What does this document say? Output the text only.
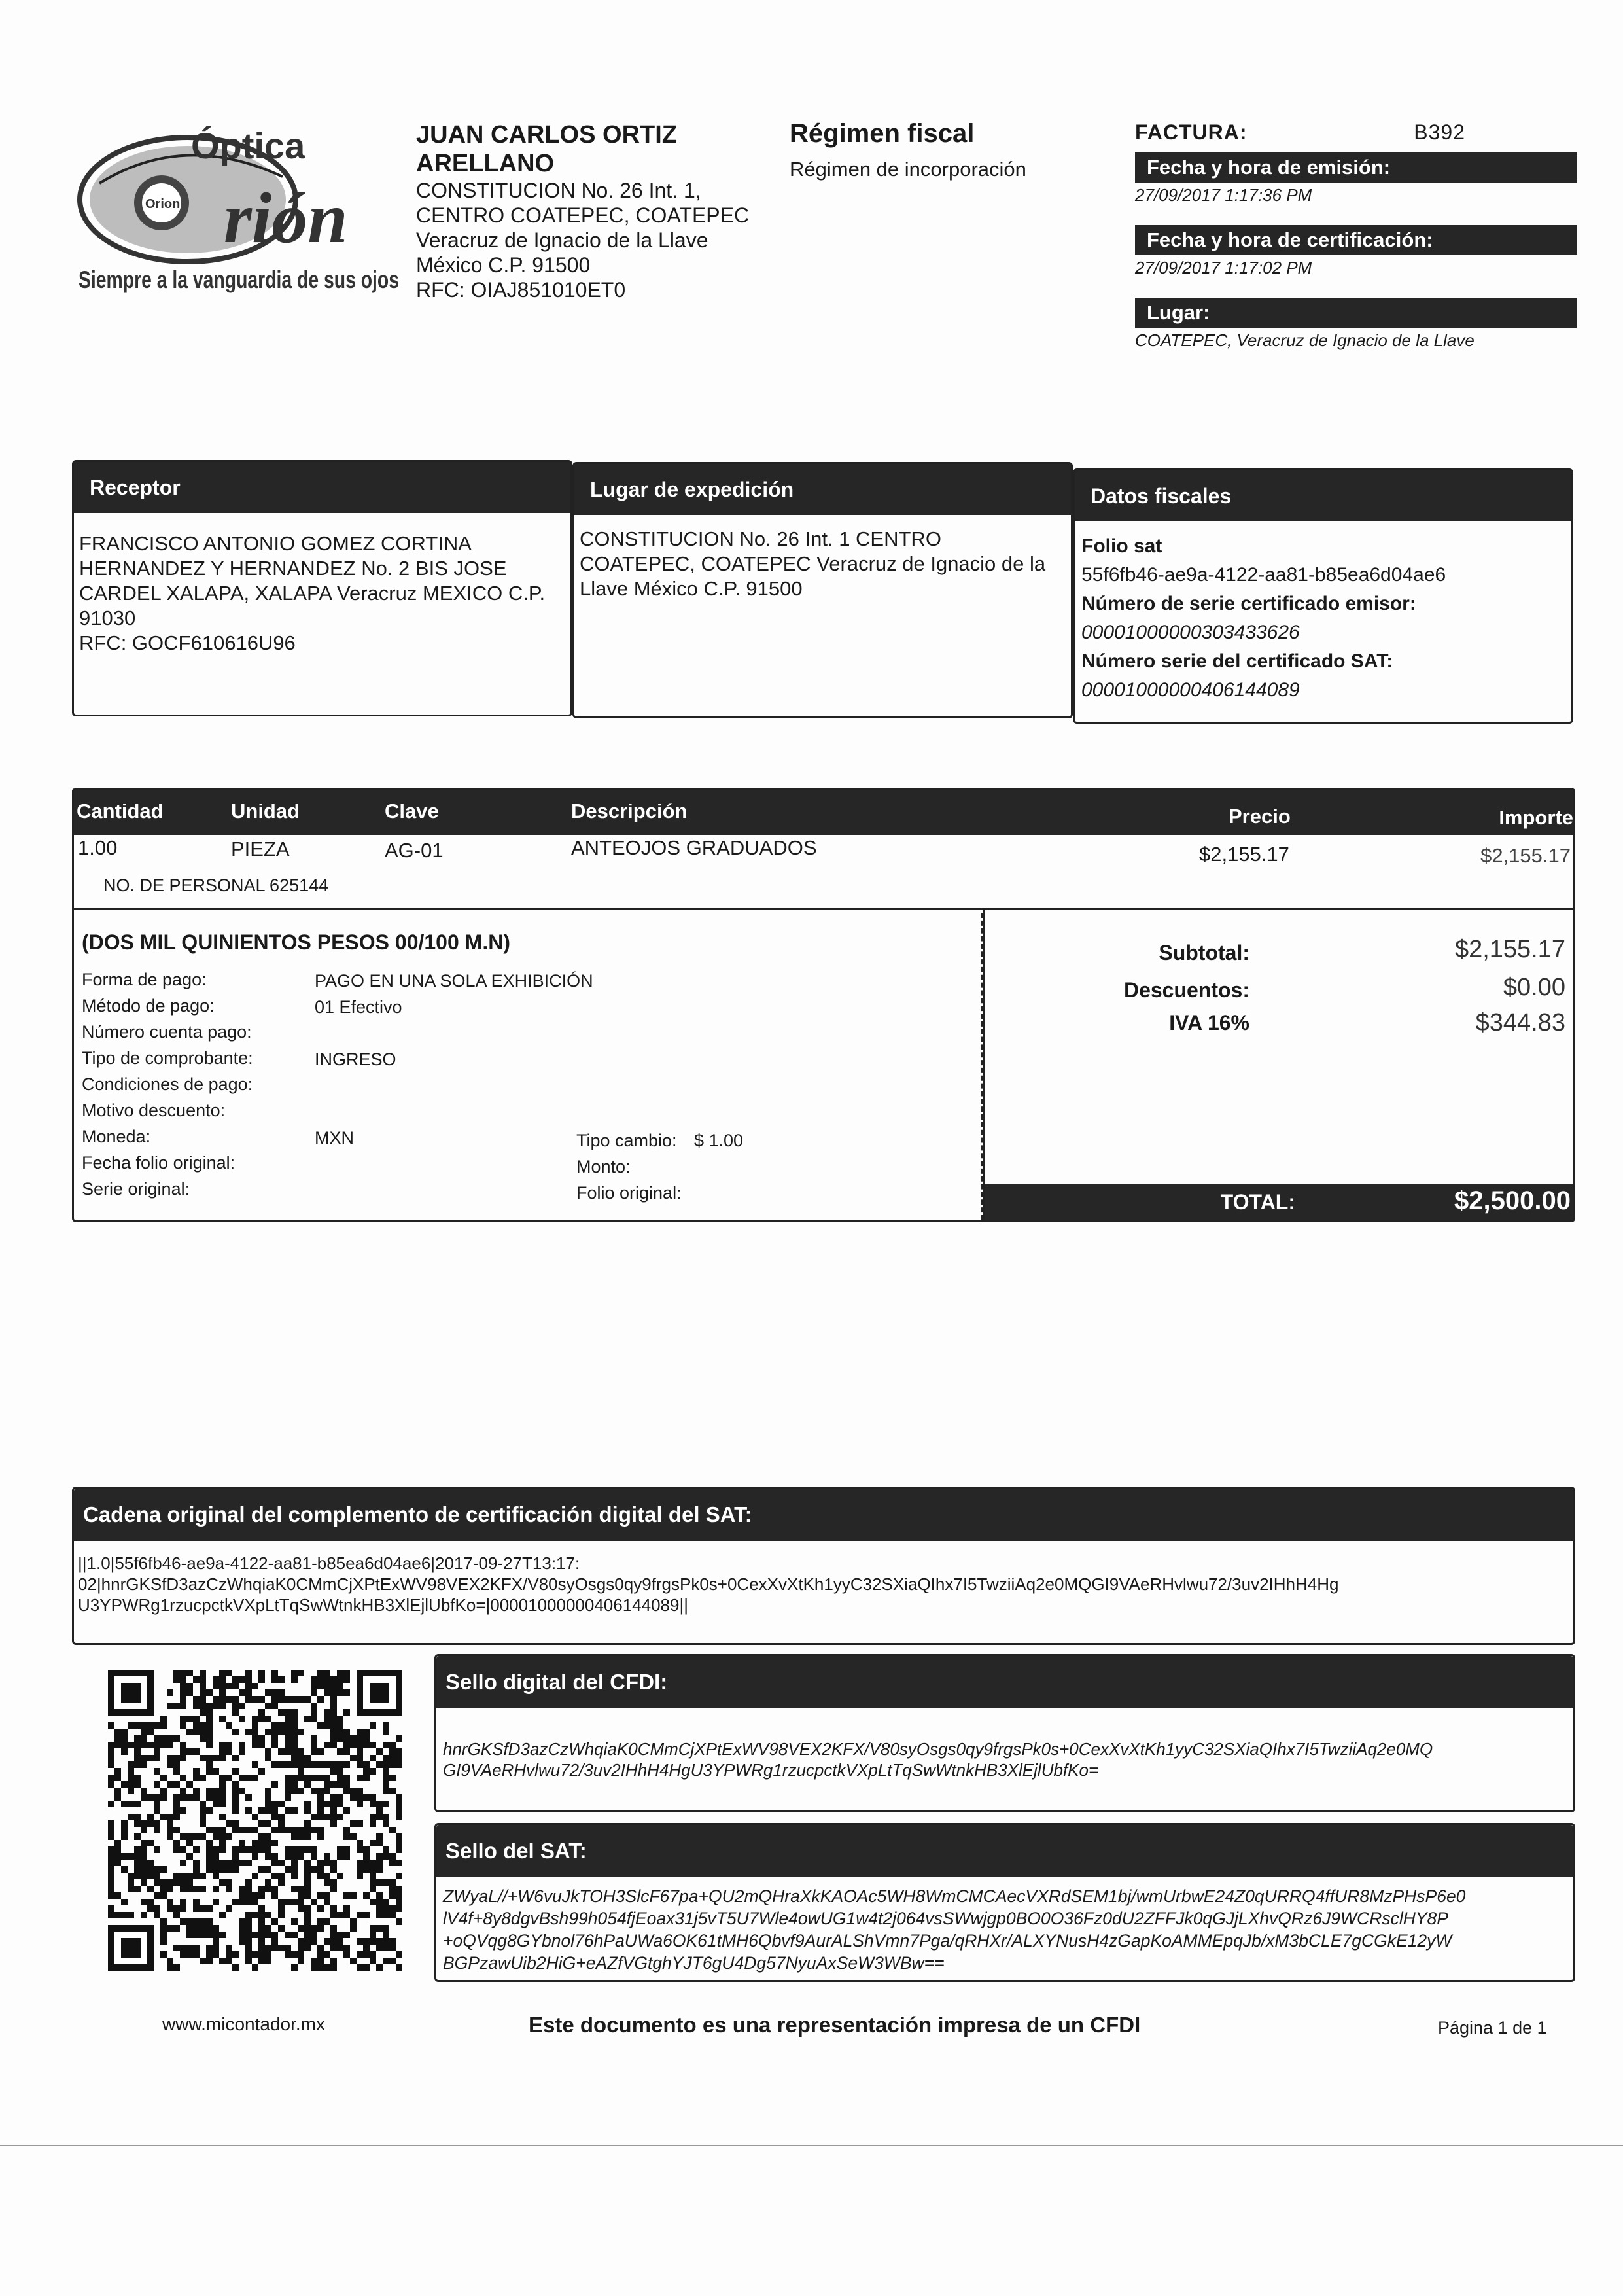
Óptica
rión
Orion
Siempre a la vanguardia de sus ojos
JUAN CARLOS ORTIZ
ARELLANO
CONSTITUCION No. 26 Int. 1,
CENTRO COATEPEC, COATEPEC
Veracruz de Ignacio de la Llave
México C.P. 91500
RFC: OIAJ851010ET0
Régimen fiscal
Régimen de incorporación
FACTURA:	B392
Fecha y hora de emisión:
27/09/2017 1:17:36 PM
Fecha y hora de certificación:
27/09/2017 1:17:02 PM
Lugar:
COATEPEC, Veracruz de Ignacio de la Llave
Receptor
FRANCISCO ANTONIO GOMEZ CORTINA
HERNANDEZ Y HERNANDEZ No. 2 BIS JOSE
CARDEL XALAPA, XALAPA Veracruz MEXICO C.P.
91030
RFC: GOCF610616U96
Lugar de expedición
CONSTITUCION No. 26 Int. 1 CENTRO
COATEPEC, COATEPEC Veracruz de Ignacio de la
Llave México C.P. 91500
Datos fiscales
Folio sat
55f6fb46-ae9a-4122-aa81-b85ea6d04ae6
Número de serie certificado emisor:
00001000000303433626
Número serie del certificado SAT:
00001000000406144089
Cantidad	Unidad	Clave	Descripción	Precio	Importe
1.00	PIEZA	AG-01	ANTEOJOS GRADUADOS	$2,155.17	$2,155.17
NO. DE PERSONAL 625144
(DOS MIL QUINIENTOS PESOS 00/100 M.N)
Forma de pago:	PAGO EN UNA SOLA EXHIBICIÓN
Método de pago:	01 Efectivo
Número cuenta pago:
Tipo de comprobante:	INGRESO
Condiciones de pago:
Motivo descuento:
Moneda:	MXN	Tipo cambio: $ 1.00
Fecha folio original:	Monto:
Serie original:	Folio original:
Subtotal:	$2,155.17
Descuentos:	$0.00
IVA 16%	$344.83
TOTAL:	$2,500.00
Cadena original del complemento de certificación digital del SAT:
||1.0|55f6fb46-ae9a-4122-aa81-b85ea6d04ae6|2017-09-27T13:17:
02|hnrGKSfD3azCzWhqiaK0CMmCjXPtExWV98VEX2KFX/V80syOsgs0qy9frgsPk0s+0CexXvXtKh1yyC32SXiaQIhx7I5TwziiAq2e0MQGI9VAeRHvlwu72/3uv2IHhH4Hg
U3YPWRg1rzucpctkVXpLtTqSwWtnkHB3XlEjlUbfKo=|00001000000406144089||
Sello digital del CFDI:
hnrGKSfD3azCzWhqiaK0CMmCjXPtExWV98VEX2KFX/V80syOsgs0qy9frgsPk0s+0CexXvXtKh1yyC32SXiaQIhx7I5TwziiAq2e0MQ
GI9VAeRHvlwu72/3uv2IHhH4HgU3YPWRg1rzucpctkVXpLtTqSwWtnkHB3XlEjlUbfKo=
Sello del SAT:
ZWyaL//+W6vuJkTOH3SlcF67pa+QU2mQHraXkKAOAc5WH8WmCMCAecVXRdSEM1bj/wmUrbwE24Z0qURRQ4ffUR8MzPHsP6e0
lV4f+8y8dgvBsh99h054fjEoax31j5vT5U7Wle4owUG1w4t2j064vsSWwjgp0BO0O36Fz0dU2ZFFJk0qGJjLXhvQRz6J9WCRsclHY8P
+oQVqg8GYbnol76hPaUWa6OK61tMH6Qbvf9AurALShVmn7Pga/qRHXr/ALXYNusH4zGapKoAMMEpqJb/xM3bCLE7gCGkE12yW
BGPzawUib2HiG+eAZfVGtghYJT6gU4Dg57NyuAxSeW3WBw==
www.micontador.mx	Este documento es una representación impresa de un CFDI	Página 1 de 1
